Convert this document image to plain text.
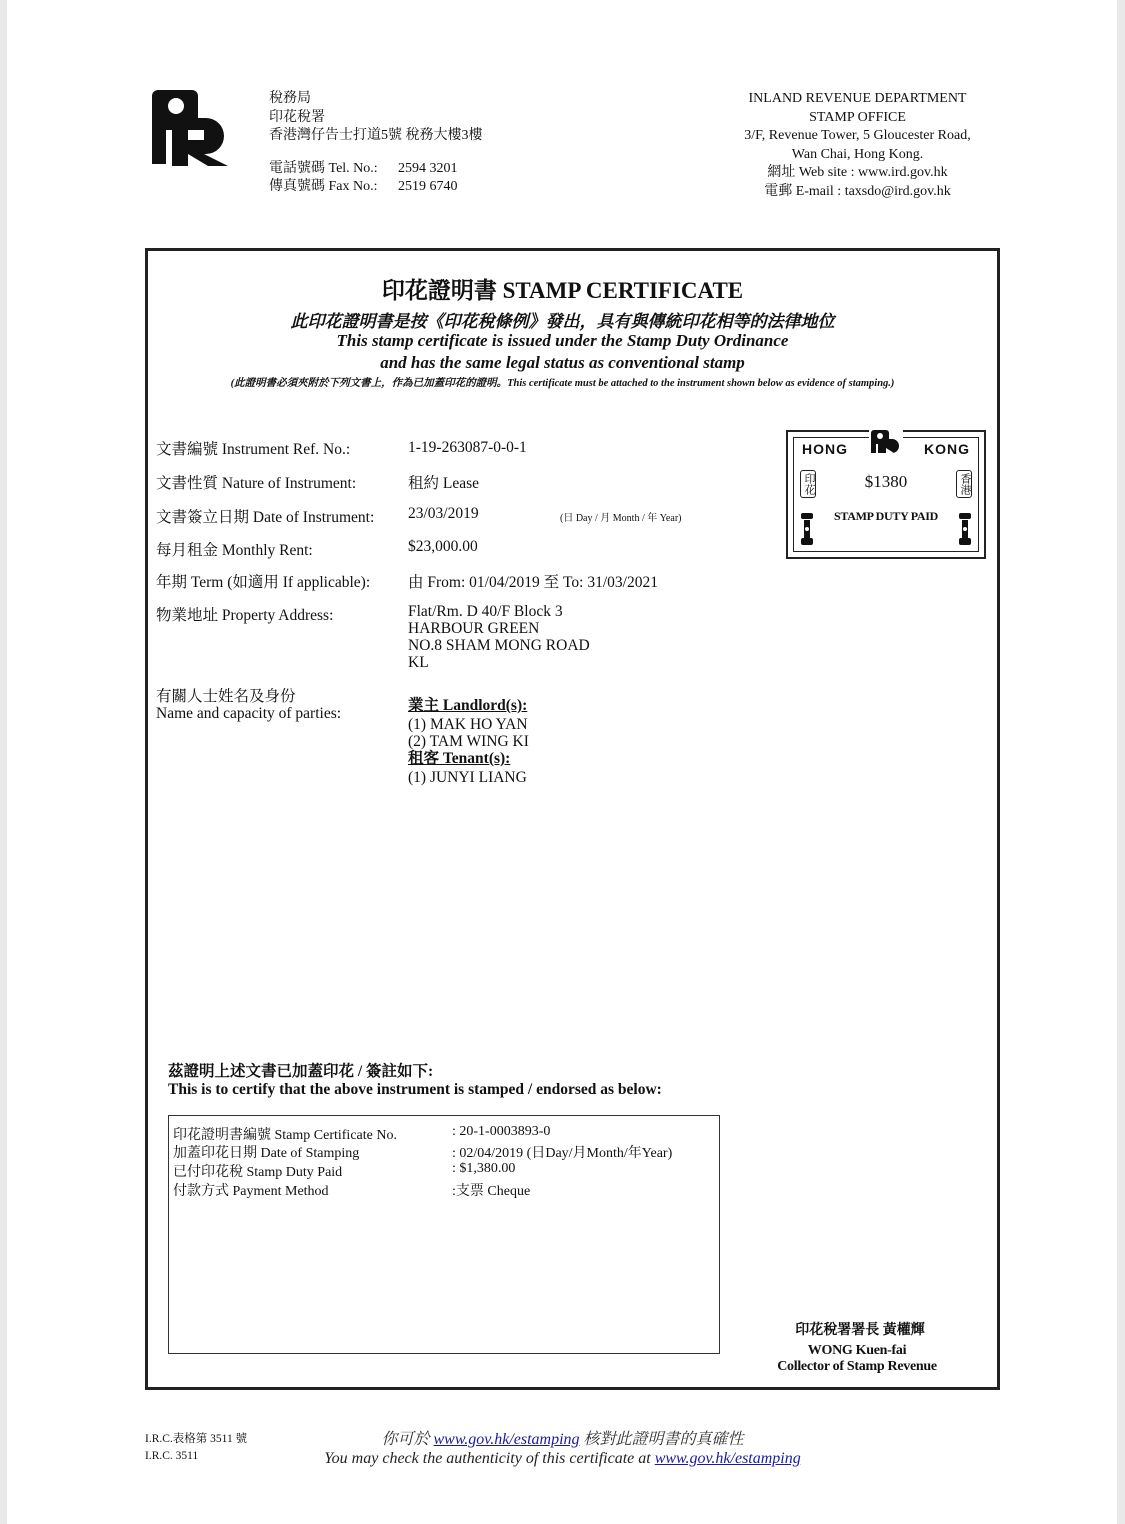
稅務局
印花稅署
香港灣仔告士打道5號 稅務大樓3樓
電話號碼 Tel. No.:	2594 3201
傳真號碼 Fax No.:	2519 6740
INLAND REVENUE DEPARTMENT
STAMP OFFICE
3/F, Revenue Tower, 5 Gloucester Road,
Wan Chai, Hong Kong.
網址 Web site : www.ird.gov.hk
電郵 E-mail : taxsdo@ird.gov.hk
印花證明書 STAMP CERTIFICATE
此印花證明書是按《印花稅條例》發出，具有與傳統印花相等的法律地位
This stamp certificate is issued under the Stamp Duty Ordinance
and has the same legal status as conventional stamp
(此證明書必須夾附於下列文書上，作為已加蓋印花的證明。This certificate must be attached to the instrument shown below as evidence of stamping.)
文書編號 Instrument Ref. No.:	1-19-263087-0-0-1
文書性質 Nature of Instrument:	租約 Lease
文書簽立日期 Date of Instrument: 23/03/2019	(日 Day / 月 Month / 年 Year)
每月租金 Monthly Rent:	$23,000.00
年期 Term (如適用 If applicable): 由 From: 01/04/2019 至 To: 31/03/2021
物業地址 Property Address:	Flat/Rm. D 40/F Block 3
HARBOUR GREEN
NO.8 SHAM MONG ROAD
KL
有關人士姓名及身份
Name and capacity of parties:	業主 Landlord(s):
(1) MAK HO YAN
(2) TAM WING KI
租客 Tenant(s):
(1) JUNYI LIANG
HONG	KONG
$1380
STAMP DUTY PAID
印花	香港
茲證明上述文書已加蓋印花 / 簽註如下:
This is to certify that the above instrument is stamped / endorsed as below:
印花證明書編號 Stamp Certificate No.	: 20-1-0003893-0
加蓋印花日期 Date of Stamping	: 02/04/2019 (日Day/月Month/年Year)
已付印花稅 Stamp Duty Paid	: $1,380.00
付款方式 Payment Method	:支票 Cheque
印花稅署署長 黃權輝
WONG Kuen-fai
Collector of Stamp Revenue
I.R.C.表格第 3511 號
I.R.C. 3511
你可於 www.gov.hk/estamping 核對此證明書的真確性
You may check the authenticity of this certificate at www.gov.hk/estamping
